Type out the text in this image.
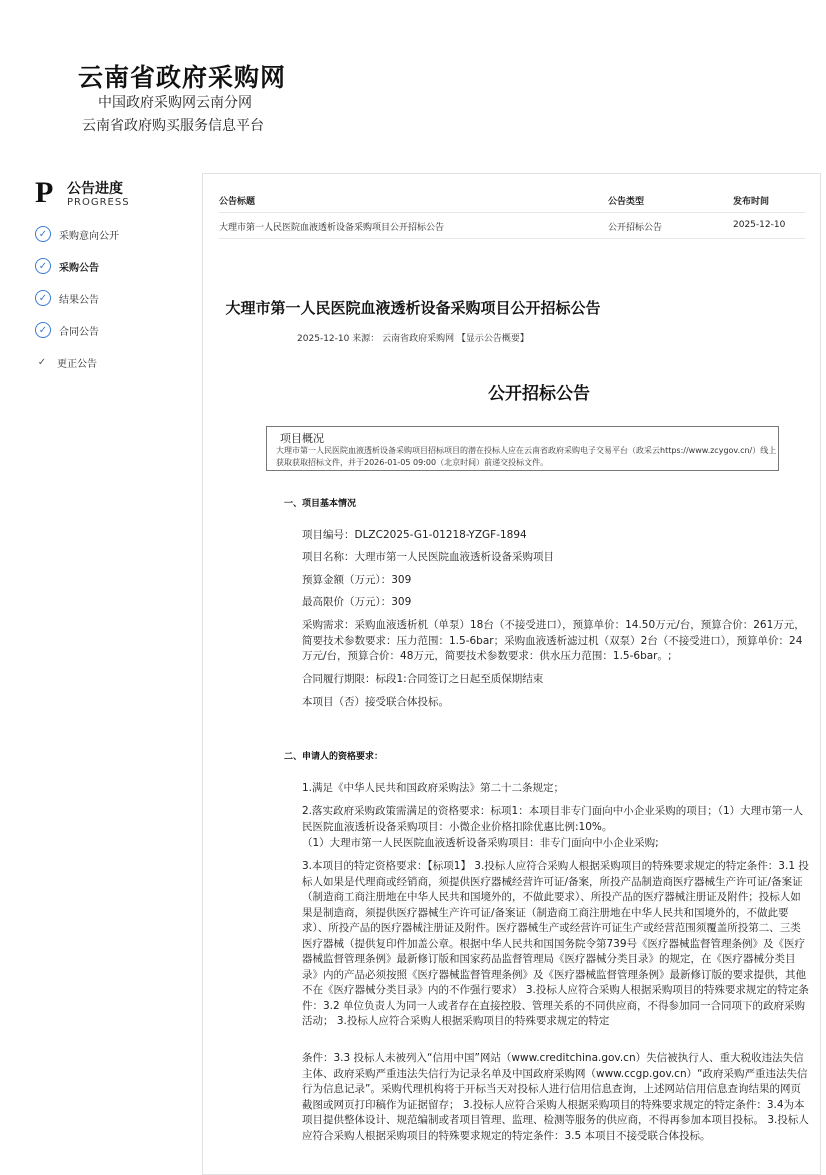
云南省政府采购网
中国政府采购网云南分网
云南省政府购买服务信息平台
P 公告进度
PROGRESS
✓	采购意向公开
✓	采购公告
✓	结果公告
✓	合同公告
✓ 更正公告
公告标题	公告类型	发布时间
大理市第一人民医院血液透析设备采购项目公开招标公告	公开招标公告	2025-12-10
大理市第一人民医院血液透析设备采购项目公开招标公告
2025-12-10 来源： 云南省政府采购网 【显示公告概要】
公开招标公告
项目概况
大理市第一人民医院血液透析设备采购项目招标项目的潜在投标人应在云南省政府采购电子交易平台（政采云https://www.zcygov.cn/）线上获取获取招标文件，并于2026-01-05 09:00（北京时间）前递交投标文件。
一、项目基本情况
项目编号：DLZC2025-G1-01218-YZGF-1894
项目名称：大理市第一人民医院血液透析设备采购项目
预算金额（万元）：309
最高限价（万元）：309
采购需求：采购血液透析机（单泵）18台（不接受进口），预算单价：14.50万元/台，预算合价：261万元，简要技术参数要求：压力范围：1.5-6bar；采购血液透析滤过机（双泵）2台（不接受进口），预算单价：24万元/台，预算合价：48万元，简要技术参数要求：供水压力范围：1.5-6bar。;
合同履行期限：标段1:合同签订之日起至质保期结束
本项目（否）接受联合体投标。
二、申请人的资格要求：
1.满足《中华人民共和国政府采购法》第二十二条规定；
2.落实政府采购政策需满足的资格要求：标项1：本项目非专门面向中小企业采购的项目；（1）大理市第一人民医院血液透析设备采购项目：小微企业价格扣除优惠比例:10%。
（1）大理市第一人民医院血液透析设备采购项目：非专门面向中小企业采购;
3.本项目的特定资格要求：【标项1】 3.投标人应符合采购人根据采购项目的特殊要求规定的特定条件：3.1 投标人如果是代理商或经销商，须提供医疗器械经营许可证/备案，所投产品制造商医疗器械生产许可证/备案证（制造商工商注册地在中华人民共和国境外的，不做此要求）、所投产品的医疗器械注册证及附件；投标人如果是制造商，须提供医疗器械生产许可证/备案证（制造商工商注册地在中华人民共和国境外的，不做此要求）、所投产品的医疗器械注册证及附件。医疗器械生产或经营许可证生产或经营范围须覆盖所投第二、三类医疗器械（提供复印件加盖公章。根据中华人民共和国国务院令第739号《医疗器械监督管理条例》及《医疗器械监督管理条例》最新修订版和国家药品监督管理局《医疗器械分类目录》的规定，在《医疗器械分类目录》内的产品必须按照《医疗器械监督管理条例》及《医疗器械监督管理条例》最新修订版的要求提供，其他不在《医疗器械分类目录》内的不作强行要求） 3.投标人应符合采购人根据采购项目的特殊要求规定的特定条件：3.2 单位负责人为同一人或者存在直接控股、管理关系的不同供应商，不得参加同一合同项下的政府采购活动； 3.投标人应符合采购人根据采购项目的特殊要求规定的特定
条件：3.3 投标人未被列入“信用中国”网站（www.creditchina.gov.cn）失信被执行人、重大税收违法失信主体、政府采购严重违法失信行为记录名单及中国政府采购网（www.ccgp.gov.cn）“政府采购严重违法失信行为信息记录”。采购代理机构将于开标当天对投标人进行信用信息查询，上述网站信用信息查询结果的网页截图或网页打印稿作为证据留存； 3.投标人应符合采购人根据采购项目的特殊要求规定的特定条件：3.4为本项目提供整体设计、规范编制或者项目管理、监理、检测等服务的供应商，不得再参加本项目投标。 3.投标人应符合采购人根据采购项目的特殊要求规定的特定条件：3.5 本项目不接受联合体投标。
